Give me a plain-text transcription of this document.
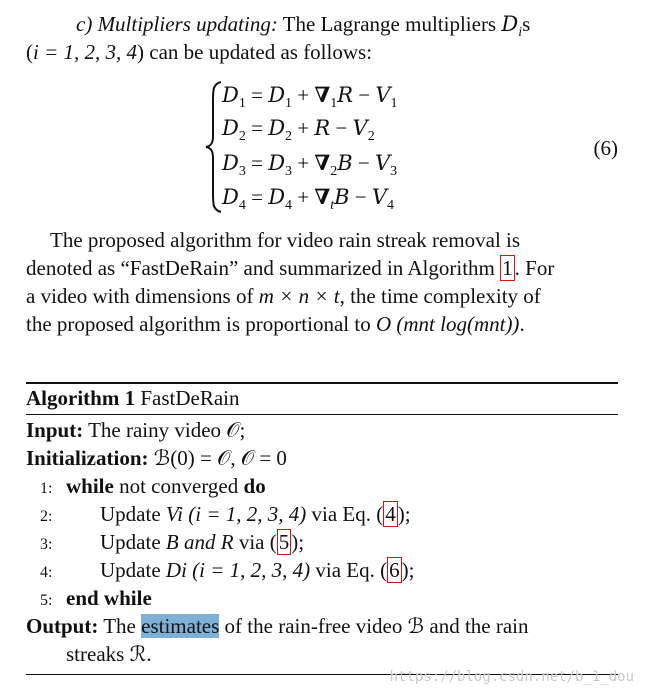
c) Multipliers updating: The Lagrange multipliers $D_is$
(i = 1, 2, 3, 4) can be updated as follows:
$D_1 = D_1 + \nabla_1R - V_1$
$D_2 = D_2 + R - V_2$
$D_3 = D_3 + \nabla_2B - V_3$
$D_4 = D_4 + \nabla_tB - V_4$
(6)
The proposed algorithm for video rain streak removal is
denoted as “FastDeRain” and summarized in Algorithm 1. For
a video with dimensions of m × n × t, the time complexity of
the proposed algorithm is proportional to O (mnt log(mnt)).
Algorithm 1 FastDeRain
Input: The rainy video 𝒪;
Initialization: ℬ(0) = 𝒪, 𝒪 = 0
1: while not converged do
2: Update Vi (i = 1, 2, 3, 4) via Eq. (4);
3: Update B and R via (5);
4: Update Di (i = 1, 2, 3, 4) via Eq. (6);
5: end while
Output: The estimates of the rain-free video ℬ and the rain
streaks ℛ.
https://blog.csdn.net/b_1_dou
